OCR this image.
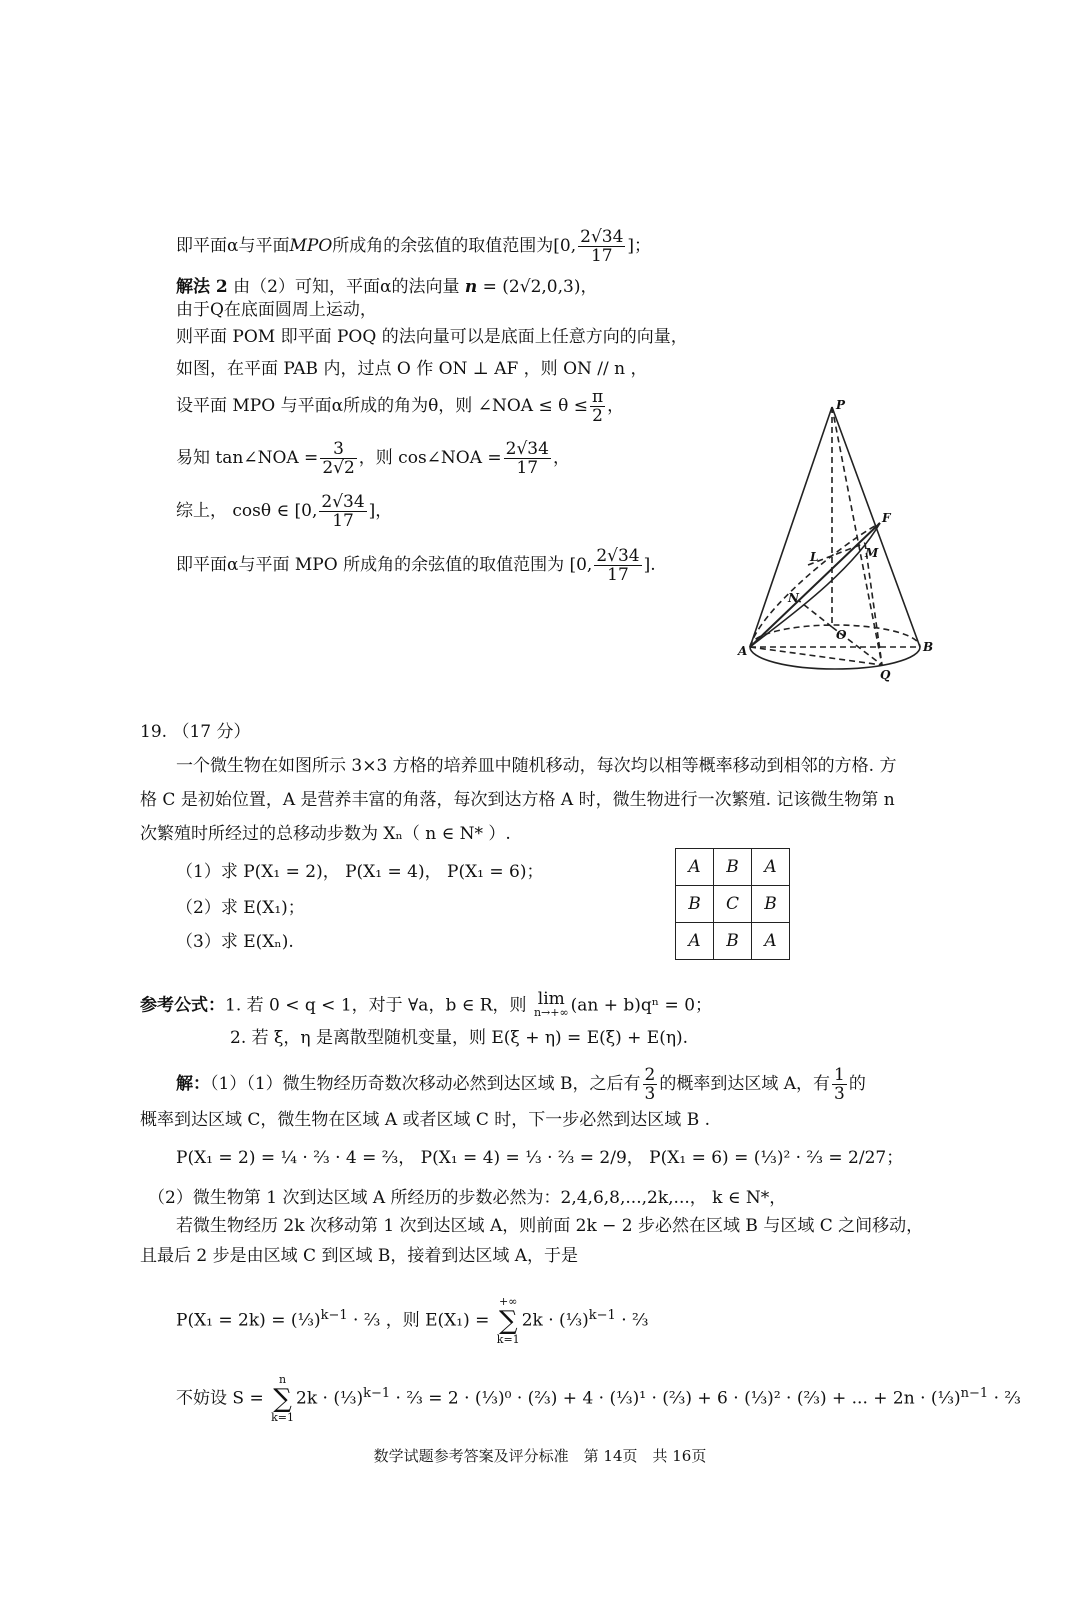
即平面α与平面MPO所成角的余弦值的取值范围为[0, $\frac{2√34}{17}$ ]；
解法 2 由（2）可知，平面α的法向量 n = (2√2,0,3)，
由于Q在底面圆周上运动，
则平面 POM 即平面 POQ 的法向量可以是底面上任意方向的向量，
如图，在平面 PAB 内，过点 O 作 ON ⊥ AF ，则 ON // n ，
设平面 MPO 与平面α所成的角为θ，则 ∠NOA ≤ $\theta \le \frac{\pi}{2}$ ，
易知 tan∠NOA = $\frac{3}{2√2}$ ，则 cos∠NOA = $\frac{2√34}{17}$ ，
综上， cosθ ∈ [0, $\frac{2√34}{17}$ ]，
即平面α与平面 MPO 所成角的余弦值的取值范围为 [0, $\frac{2√34}{17}$ ].
P
F
M
L
N
O
A	B
Q
19. （17 分）
一个微生物在如图所示 3×3 方格的培养皿中随机移动，每次均以相等概率移动到相邻的方格. 方
格 C 是初始位置，A 是营养丰富的角落，每次到达方格 A 时，微生物进行一次繁殖. 记该微生物第 n
次繁殖时所经过的总移动步数为 Xₙ（ n ∈ N* ）.
（1）求 P(X₁ = 2)， P(X₁ = 4)， P(X₁ = 6)；
（2）求 E(X₁)；
（3）求 E(Xₙ).
A	B	A
B	C	B
A	B	A
参考公式：1. 若 0 < q < 1，对于 ∀a，b ∈ R，则 lim
n→+∞ (an + b)qⁿ = 0；
2. 若 ξ，η 是离散型随机变量，则 E(ξ + η) = E(ξ) + E(η).
解：（1）（1）微生物经历奇数次移动必然到达区域 B，之后有 $\frac{2}{3}$ 的概率到达区域 A，有 $\frac{1}{3}$ 的
概率到达区域 C，微生物在区域 A 或者区域 C 时，下一步必然到达区域 B .
P(X₁ = 2) = ¼ · ⅔ · 4 = ⅔， P(X₁ = 4) = ⅓ · ⅔ = 2/9， P(X₁ = 6) = (⅓)² · ⅔ = 2/27；
（2）微生物第 1 次到达区域 A 所经历的步数必然为：2,4,6,8,...,2k,...， k ∈ N*，
若微生物经历 2k 次移动第 1 次到达区域 A，则前面 2k − 2 步必然在区域 B 与区域 C 之间移动，
且最后 2 步是由区域 C 到区域 B，接着到达区域 A，于是
P(X₁ = 2k) = (⅓)$^{k-1}$ · ⅔ ，则 E(X₁) =
+∞
∑
k=1
2k · (⅓)$^{k-1}$ · ⅔
不妨设 S =
n
∑
k=1
2k · (⅓)$^{k-1}$ · ⅔ = 2 · (⅓)⁰ · (⅔) + 4 · (⅓)¹ · (⅔) + 6 · (⅓)² · (⅔) + ... + 2n · (⅓)$^{n-1}$ · ⅔
数学试题参考答案及评分标准　第 14页　共 16页
